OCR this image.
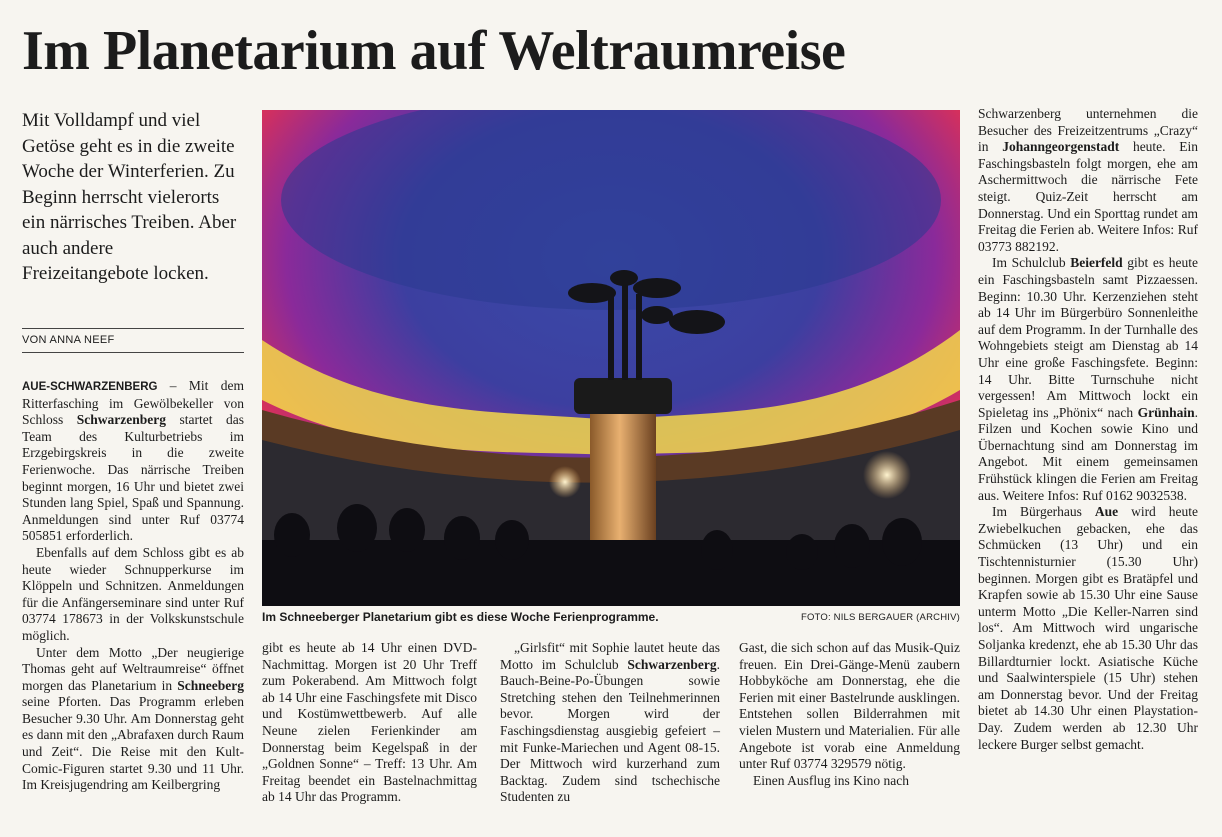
Im Planetarium auf Weltraumreise
Mit Volldampf und viel Getöse geht es in die zweite Woche der Winterferien. Zu Beginn herrscht vielerorts ein närrisches Treiben. Aber auch andere Freizeitangebote locken.
VON ANNA NEEF

AUE-SCHWARZENBERG – Mit dem Ritterfasching im Gewölbekeller von Schloss Schwarzenberg startet das Team des Kulturbetriebs im Erzgebirgskreis in die zweite Ferienwoche. Das närrische Treiben beginnt morgen, 16 Uhr und bietet zwei Stunden lang Spiel, Spaß und Spannung. Anmeldungen sind unter Ruf 03774 505851 erforderlich.

Ebenfalls auf dem Schloss gibt es ab heute wieder Schnupperkurse im Klöppeln und Schnitzen. Anmeldungen für die Anfängerseminare sind unter Ruf 03774 178673 in der Volkskunstschule möglich.

Unter dem Motto „Der neugierige Thomas geht auf Weltraumreise“ öffnet morgen das Planetarium in Schneeberg seine Pforten. Das Programm erleben Besucher 9.30 Uhr. Am Donnerstag geht es dann mit den „Abrafaxen durch Raum und Zeit“. Die Reise mit den Kult-Comic-Figuren startet 9.30 und 11 Uhr. Im Kreisjugendring am Keilbergring

Im Schneeberger Planetarium gibt es diese Woche Ferienprogramme.	FOTO: NILS BERGAUER (ARCHIV)

gibt es heute ab 14 Uhr einen DVD-Nachmittag. Morgen ist 20 Uhr Treff zum Pokerabend. Am Mittwoch folgt ab 14 Uhr eine Faschingsfete mit Disco und Kostümwettbewerb. Auf alle Neune zielen Ferienkinder am Donnerstag beim Kegelspaß in der „Goldnen Sonne“ – Treff: 13 Uhr. Am Freitag beendet ein Bastelnachmittag ab 14 Uhr das Programm.

„Girlsfit“ mit Sophie lautet heute das Motto im Schulclub Schwarzenberg. Bauch-Beine-Po-Übungen sowie Stretching stehen den Teilnehmerinnen bevor. Morgen wird der Faschingsdienstag ausgiebig gefeiert – mit Funke-Mariechen und Agent 08-15. Der Mittwoch wird kurzerhand zum Backtag. Zudem sind tschechische Studenten zu

Gast, die sich schon auf das Musik-Quiz freuen. Ein Drei-Gänge-Menü zaubern Hobbyköche am Donnerstag, ehe die Ferien mit einer Bastelrunde ausklingen. Entstehen sollen Bilderrahmen mit vielen Mustern und Materialien. Für alle Angebote ist vorab eine Anmeldung unter Ruf 03774 329579 nötig.

Einen Ausflug ins Kino nach

Schwarzenberg unternehmen die Besucher des Freizeitzentrums „Crazy“ in Johanngeorgenstadt heute. Ein Faschingsbasteln folgt morgen, ehe am Aschermittwoch die närrische Fete steigt. Quiz-Zeit herrscht am Donnerstag. Und ein Sporttag rundet am Freitag die Ferien ab. Weitere Infos: Ruf 03773 882192.

Im Schulclub Beierfeld gibt es heute ein Faschingsbasteln samt Pizzaessen. Beginn: 10.30 Uhr. Kerzenziehen steht ab 14 Uhr im Bürgerbüro Sonnenleithe auf dem Programm. In der Turnhalle des Wohngebiets steigt am Dienstag ab 14 Uhr eine große Faschingsfete. Beginn: 14 Uhr. Bitte Turnschuhe nicht vergessen! Am Mittwoch lockt ein Spieletag ins „Phönix“ nach Grünhain. Filzen und Kochen sowie Kino und Übernachtung sind am Donnerstag im Angebot. Mit einem gemeinsamen Frühstück klingen die Ferien am Freitag aus. Weitere Infos: Ruf 0162 9032538.

Im Bürgerhaus Aue wird heute Zwiebelkuchen gebacken, ehe das Schmücken (13 Uhr) und ein Tischtennisturnier (15.30 Uhr) beginnen. Morgen gibt es Bratäpfel und Krapfen sowie ab 15.30 Uhr eine Sause unterm Motto „Die Keller-Narren sind los“. Am Mittwoch wird ungarische Soljanka kredenzt, ehe ab 15.30 Uhr das Billardturnier lockt. Asiatische Küche und Saalwinterspiele (15 Uhr) stehen am Donnerstag bevor. Und der Freitag bietet ab 14.30 Uhr einen Playstation-Day. Zudem werden ab 12.30 Uhr leckere Burger selbst gemacht.
